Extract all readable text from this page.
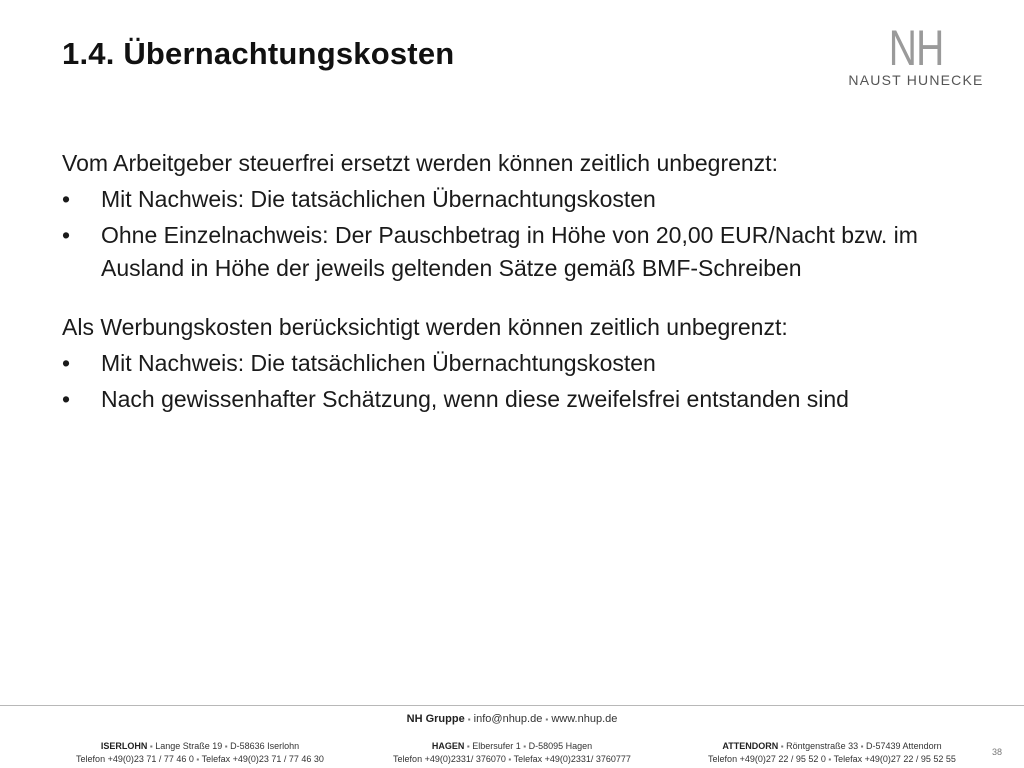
1.4. Übernachtungskosten	NH
NAUST HUNECKE

Vom Arbeitgeber steuerfrei ersetzt werden können zeitlich unbegrenzt:

• Mit Nachweis: Die tatsächlichen Übernachtungskosten
• Ohne Einzelnachweis: Der Pauschbetrag in Höhe von 20,00 EUR/Nacht bzw. im Ausland in Höhe der jeweils geltenden Sätze gemäß BMF-Schreiben

Als Werbungskosten berücksichtigt werden können zeitlich unbegrenzt:

• Mit Nachweis: Die tatsächlichen Übernachtungskosten
• Nach gewissenhafter Schätzung, wenn diese zweifelsfrei entstanden sind
NH Gruppe ▪ info@nhup.de ▪ www.nhup.de
ISERLOHN ▪ Lange Straße 19 ▪ D-58636 Iserlohn
Telefon +49(0)23 71 / 77 46 0 ▪ Telefax +49(0)23 71 / 77 46 30
HAGEN ▪ Elbersufer 1 ▪ D-58095 Hagen
Telefon +49(0)2331/ 376070 ▪ Telefax +49(0)2331/ 3760777
ATTENDORN ▪ Röntgenstraße 33 ▪ D-57439 Attendorn
Telefon +49(0)27 22 / 95 52 0 ▪ Telefax +49(0)27 22 / 95 52 55
38
